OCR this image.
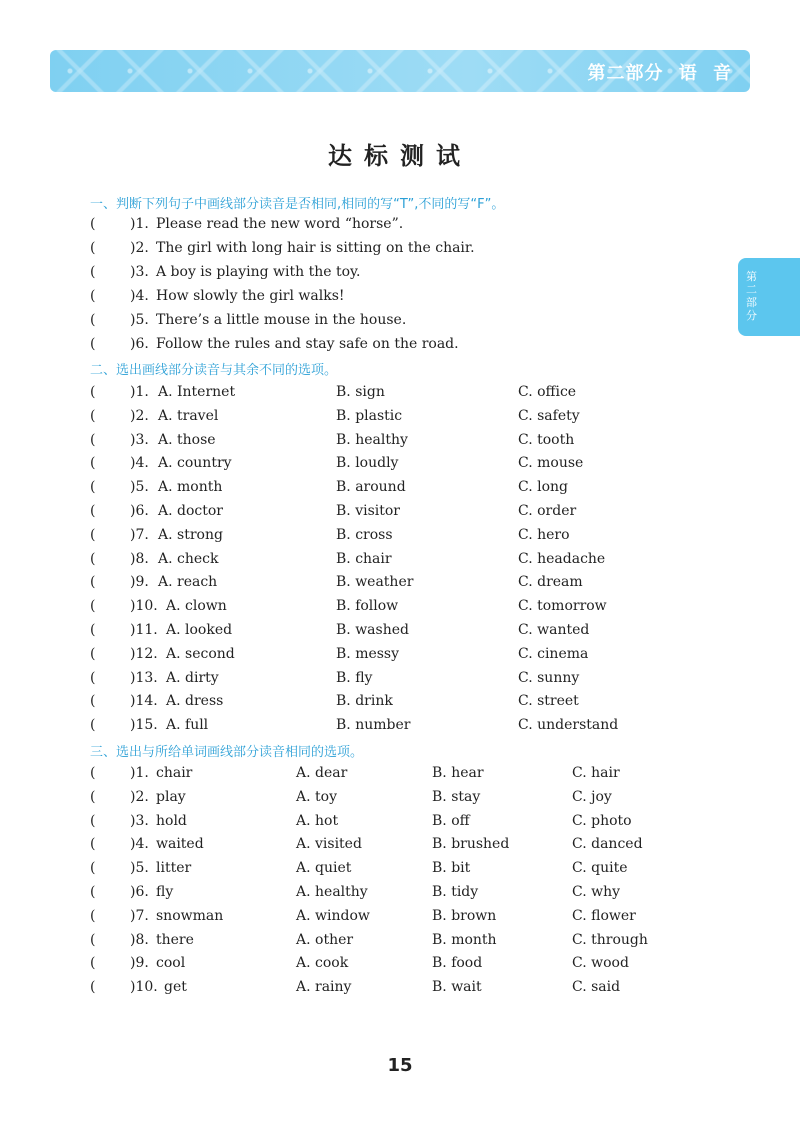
第二部分 语 音
第二部分
达标测试
一、判断下列句子中画线部分读音是否相同,相同的写“T”,不同的写“F”。
( )1. Please read the new word “horse”.
( )2. The girl with long hair is sitting on the chair.
( )3. A boy is playing with the toy.
( )4. How slowly the girl walks!
( )5. There’s a little mouse in the house.
( )6. Follow the rules and stay safe on the road.
二、选出画线部分读音与其余不同的选项。
( )1. A. Internet	B. sign	C. office
( )2. A. travel	B. plastic	C. safety
( )3. A. those	B. healthy	C. tooth
( )4. A. country	B. loudly	C. mouse
( )5. A. month	B. around	C. long
( )6. A. doctor	B. visitor	C. order
( )7. A. strong	B. cross	C. hero
( )8. A. check	B. chair	C. headache
( )9. A. reach	B. weather	C. dream
( )10. A. clown	B. follow	C. tomorrow
( )11. A. looked	B. washed	C. wanted
( )12. A. second	B. messy	C. cinema
( )13. A. dirty	B. fly	C. sunny
( )14. A. dress	B. drink	C. street
( )15. A. full	B. number	C. understand
三、选出与所给单词画线部分读音相同的选项。
( )1. chair	A. dear	B. hear	C. hair
( )2. play	A. toy	B. stay	C. joy
( )3. hold	A. hot	B. off	C. photo
( )4. waited	A. visited	B. brushed	C. danced
( )5. litter	A. quiet	B. bit	C. quite
( )6. fly	A. healthy	B. tidy	C. why
( )7. snowman	A. window	B. brown	C. flower
( )8. there	A. other	B. month	C. through
( )9. cool	A. cook	B. food	C. wood
( )10. get	A. rainy	B. wait	C. said
15
